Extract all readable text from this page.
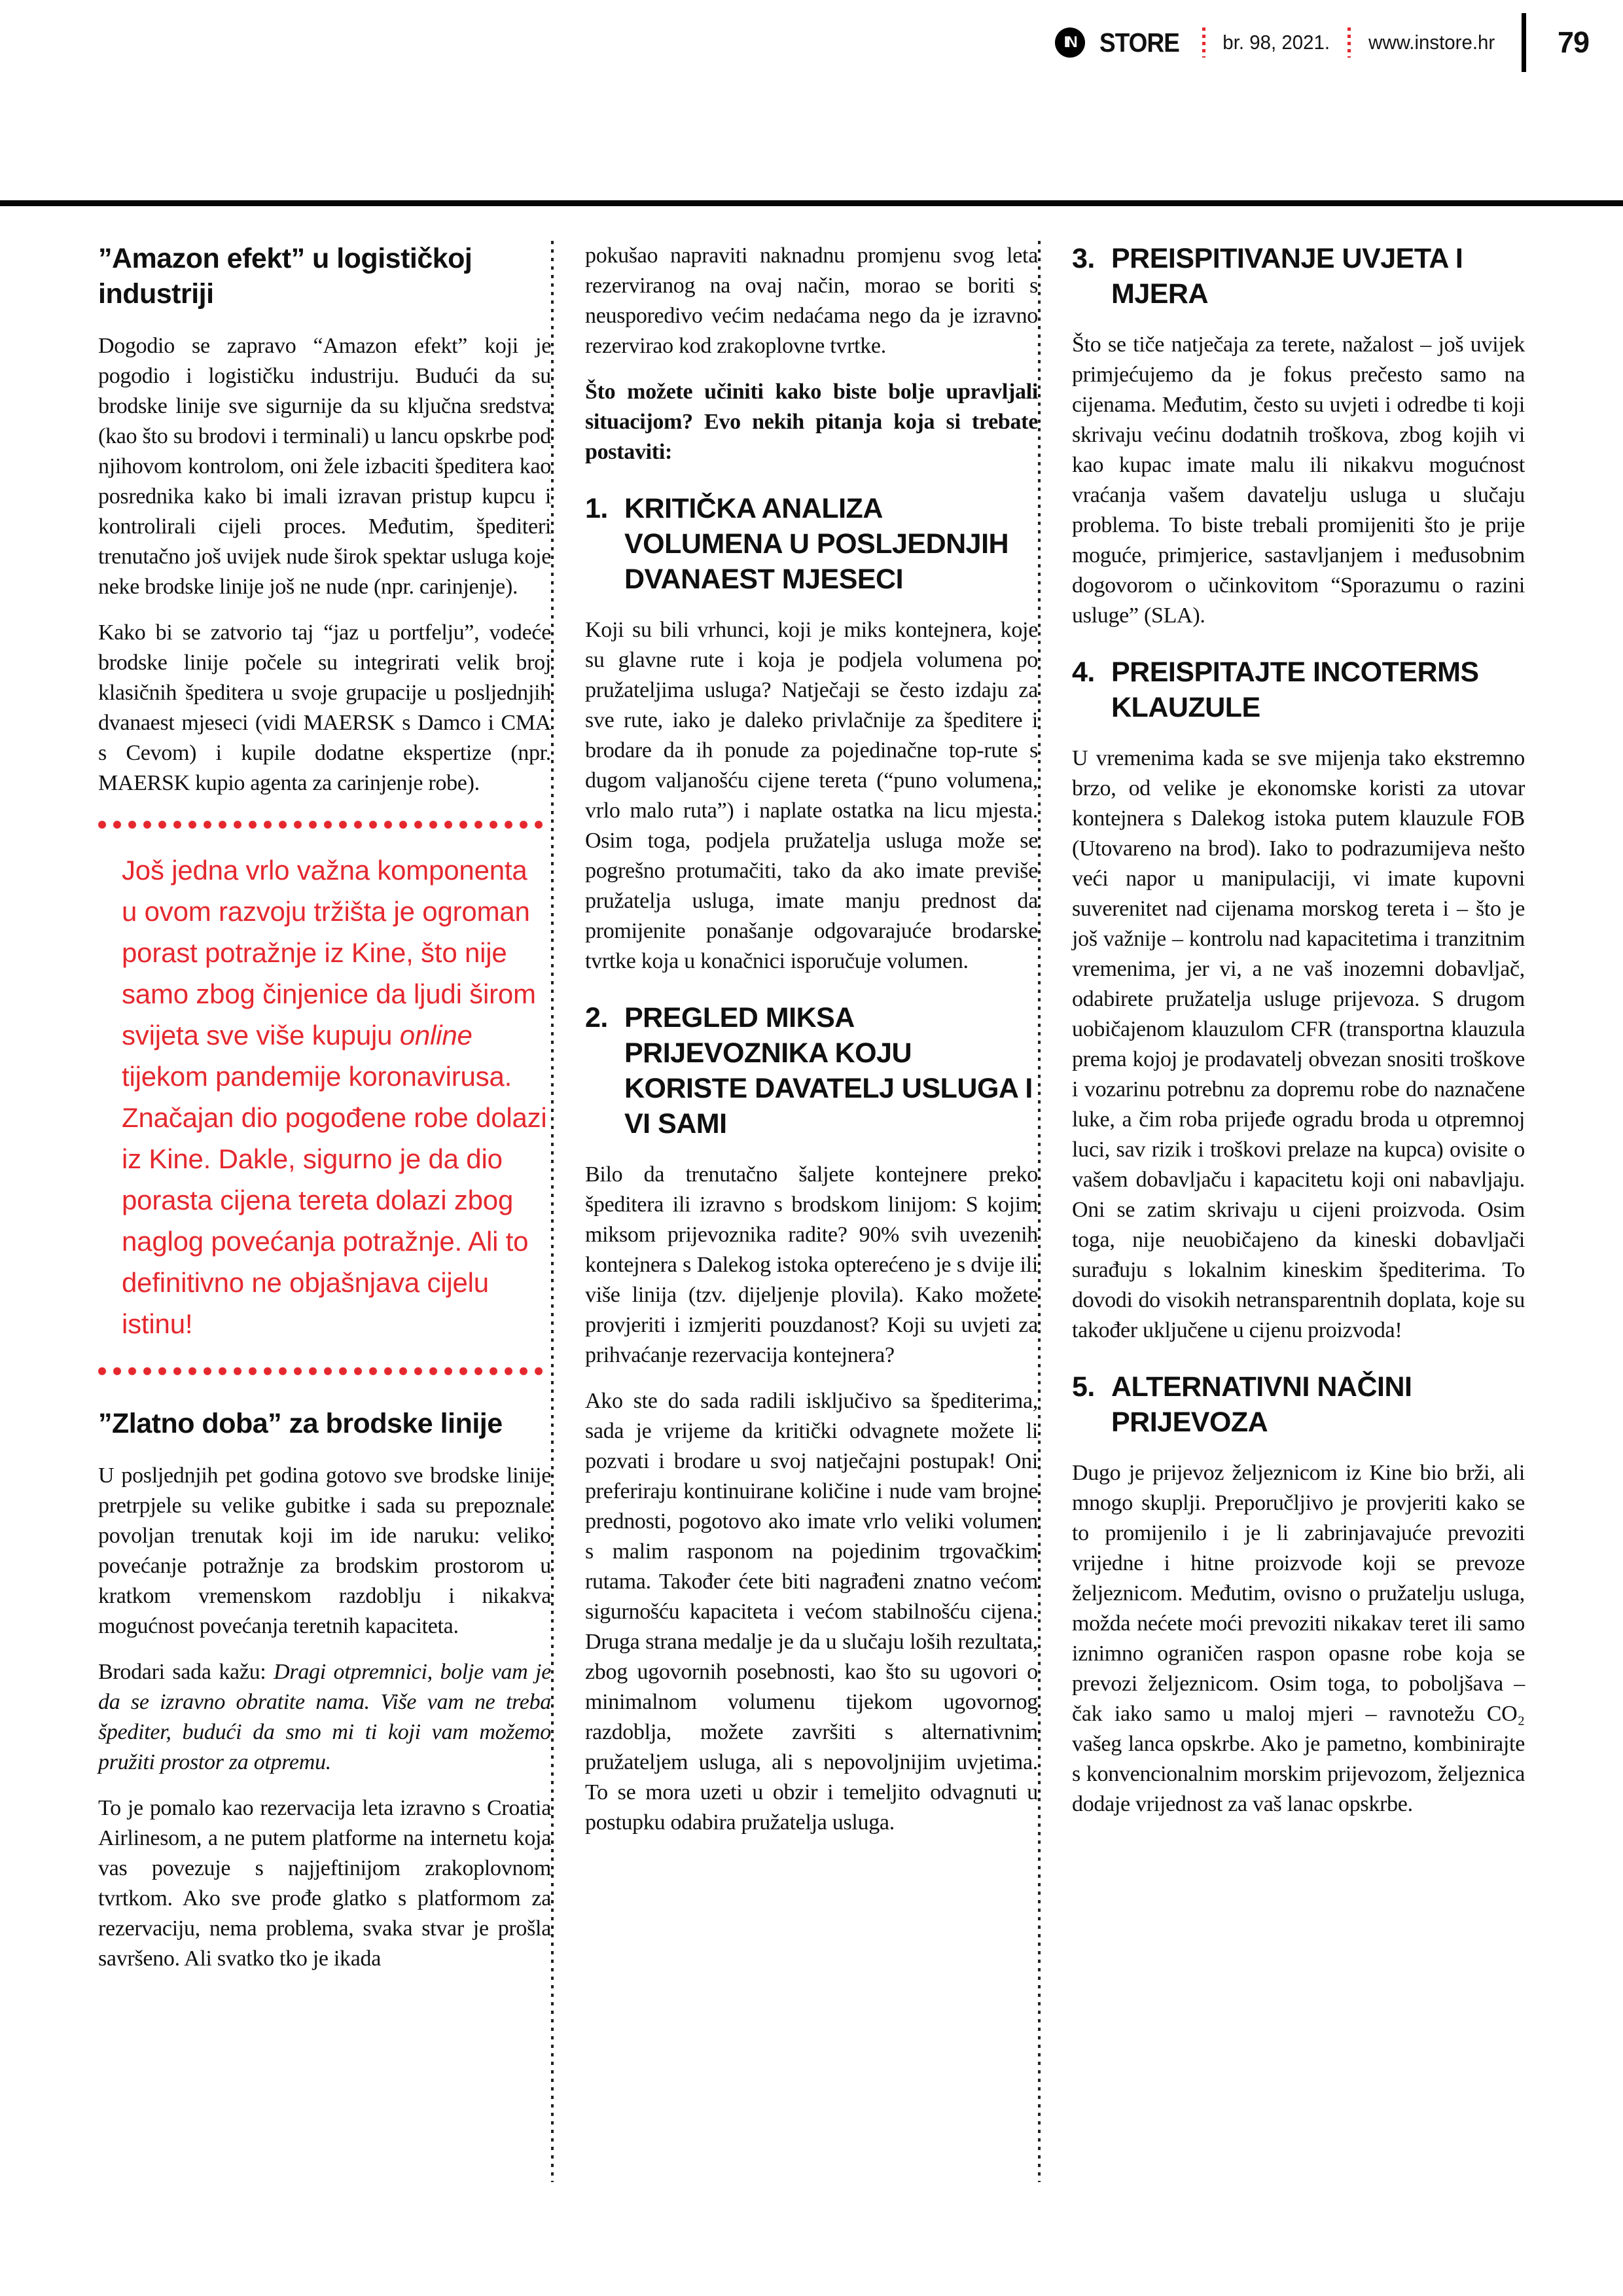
IN STORE br. 98, 2021. www.instore.hr 79
”Amazon efekt” u logističkoj industriji

Dogodio se zapravo “Amazon efekt” koji je pogodio i logističku industriju. Budući da su brodske linije sve sigurnije da su ključna sredstva (kao što su brodovi i terminali) u lancu opskrbe pod njihovom kontrolom, oni žele izbaciti špeditera kao posrednika kako bi imali izravan pristup kupcu i kontrolirali cijeli proces. Međutim, špediteri trenutačno još uvijek nude širok spektar usluga koje neke brodske linije još ne nude (npr. carinjenje).

Kako bi se zatvorio taj “jaz u portfelju”, vodeće brodske linije počele su integrirati velik broj klasičnih špeditera u svoje grupacije u posljednjih dvanaest mjeseci (vidi MAERSK s Damco i CMA s Cevom) i kupile dodatne ekspertize (npr. MAERSK kupio agenta za carinjenje robe).

Još jedna vrlo važna komponenta u ovom razvoju tržišta je ogroman porast potražnje iz Kine, što nije samo zbog činjenice da ljudi širom svijeta sve više kupuju online tijekom pandemije koronavirusa. Značajan dio pogođene robe dolazi iz Kine. Dakle, sigurno je da dio porasta cijena tereta dolazi zbog naglog povećanja potražnje. Ali to definitivno ne objašnjava cijelu istinu!
”Zlatno doba” za brodske linije

U posljednjih pet godina gotovo sve brodske linije pretrpjele su velike gubitke i sada su prepoznale povoljan trenutak koji im ide naruku: veliko povećanje potražnje za brodskim prostorom u kratkom vremenskom razdoblju i nikakva mogućnost povećanja teretnih kapaciteta.

Brodari sada kažu: Dragi otpremnici, bolje vam je da se izravno obratite nama. Više vam ne treba špediter, budući da smo mi ti koji vam možemo pružiti prostor za otpremu.

To je pomalo kao rezervacija leta izravno s Croatia Airlinesom, a ne putem platforme na internetu koja vas povezuje s najjeftinijom zrakoplovnom tvrtkom. Ako sve prođe glatko s platformom za rezervaciju, nema problema, svaka stvar je prošla savršeno. Ali svatko tko je ikada

pokušao napraviti naknadnu promjenu svog leta rezerviranog na ovaj način, morao se boriti s neusporedivo većim nedaćama nego da je izravno rezervirao kod zrakoplovne tvrtke.

Što možete učiniti kako biste bolje upravljali situacijom? Evo nekih pitanja koja si trebate postaviti:

1. KRITIČKA ANALIZA VOLUMENA U POSLJEDNJIH DVANAEST MJESECI

Koji su bili vrhunci, koji je miks kontejnera, koje su glavne rute i koja je podjela volumena po pružateljima usluga? Natječaji se često izdaju za sve rute, iako je daleko privlačnije za špeditere i brodare da ih ponude za pojedinačne top-rute s dugom valjanošću cijene tereta (“puno volumena, vrlo malo ruta”) i naplate ostatka na licu mjesta. Osim toga, podjela pružatelja usluga može se pogrešno protumačiti, tako da ako imate previše pružatelja usluga, imate manju prednost da promijenite ponašanje odgovarajuće brodarske tvrtke koja u konačnici isporučuje volumen.

2. PREGLED MIKSA PRIJEVOZNIKA KOJU KORISTE DAVATELJ USLUGA I VI SAMI

Bilo da trenutačno šaljete kontejnere preko špeditera ili izravno s brodskom linijom: S kojim miksom prijevoznika radite? 90% svih uvezenih kontejnera s Dalekog istoka opterećeno je s dvije ili više linija (tzv. dijeljenje plovila). Kako možete provjeriti i izmjeriti pouzdanost? Koji su uvjeti za prihvaćanje rezervacija kontejnera?

Ako ste do sada radili isključivo sa špediterima, sada je vrijeme da kritički odvagnete možete li pozvati i brodare u svoj natječajni postupak! Oni preferiraju kontinuirane količine i nude vam brojne prednosti, pogotovo ako imate vrlo veliki volumen s malim rasponom na pojedinim trgovačkim rutama. Također ćete biti nagrađeni znatno većom sigurnošću kapaciteta i većom stabilnošću cijena. Druga strana medalje je da u slučaju loših rezultata, zbog ugovornih posebnosti, kao što su ugovori o minimalnom volumenu tijekom ugovornog razdoblja, možete završiti s alternativnim pružateljem usluga, ali s nepovoljnijim uvjetima. To se mora uzeti u obzir i temeljito odvagnuti u postupku odabira pružatelja usluga.

3. PREISPITIVANJE UVJETA I MJERA

Što se tiče natječaja za terete, nažalost – još uvijek primjećujemo da je fokus prečesto samo na cijenama. Međutim, često su uvjeti i odredbe ti koji skrivaju većinu dodatnih troškova, zbog kojih vi kao kupac imate malu ili nikakvu mogućnost vraćanja vašem davatelju usluga u slučaju problema. To biste trebali promijeniti što je prije moguće, primjerice, sastavljanjem i međusobnim dogovorom o učinkovitom “Sporazumu o razini usluge” (SLA).

4. PREISPITAJTE INCOTERMS KLAUZULE

U vremenima kada se sve mijenja tako ekstremno brzo, od velike je ekonomske koristi za utovar kontejnera s Dalekog istoka putem klauzule FOB (Utovareno na brod). Iako to podrazumijeva nešto veći napor u manipulaciji, vi imate kupovni suverenitet nad cijenama morskog tereta i – što je još važnije – kontrolu nad kapacitetima i tranzitnim vremenima, jer vi, a ne vaš inozemni dobavljač, odabirete pružatelja usluge prijevoza. S drugom uobičajenom klauzulom CFR (transportna klauzula prema kojoj je prodavatelj obvezan snositi troškove i vozarinu potrebnu za dopremu robe do naznačene luke, a čim roba prijeđe ogradu broda u otpremnoj luci, sav rizik i troškovi prelaze na kupca) ovisite o vašem dobavljaču i kapacitetu koji oni nabavljaju. Oni se zatim skrivaju u cijeni proizvoda. Osim toga, nije neuobičajeno da kineski dobavljači surađuju s lokalnim kineskim špediterima. To dovodi do visokih netransparentnih doplata, koje su također uključene u cijenu proizvoda!

5. ALTERNATIVNI NAČINI PRIJEVOZA

Dugo je prijevoz željeznicom iz Kine bio brži, ali mnogo skuplji. Preporučljivo je provjeriti kako se to promijenilo i je li zabrinjavajuće prevoziti vrijedne i hitne proizvode koji se prevoze željeznicom. Međutim, ovisno o pružatelju usluga, možda nećete moći prevoziti nikakav teret ili samo iznimno ograničen raspon opasne robe koja se prevozi željeznicom. Osim toga, to poboljšava – čak iako samo u maloj mjeri – ravnotežu CO₂ vašeg lanca opskrbe. Ako je pametno, kombinirajte s konvencionalnim morskim prijevozom, željeznica dodaje vrijednost za vaš lanac opskrbe.
